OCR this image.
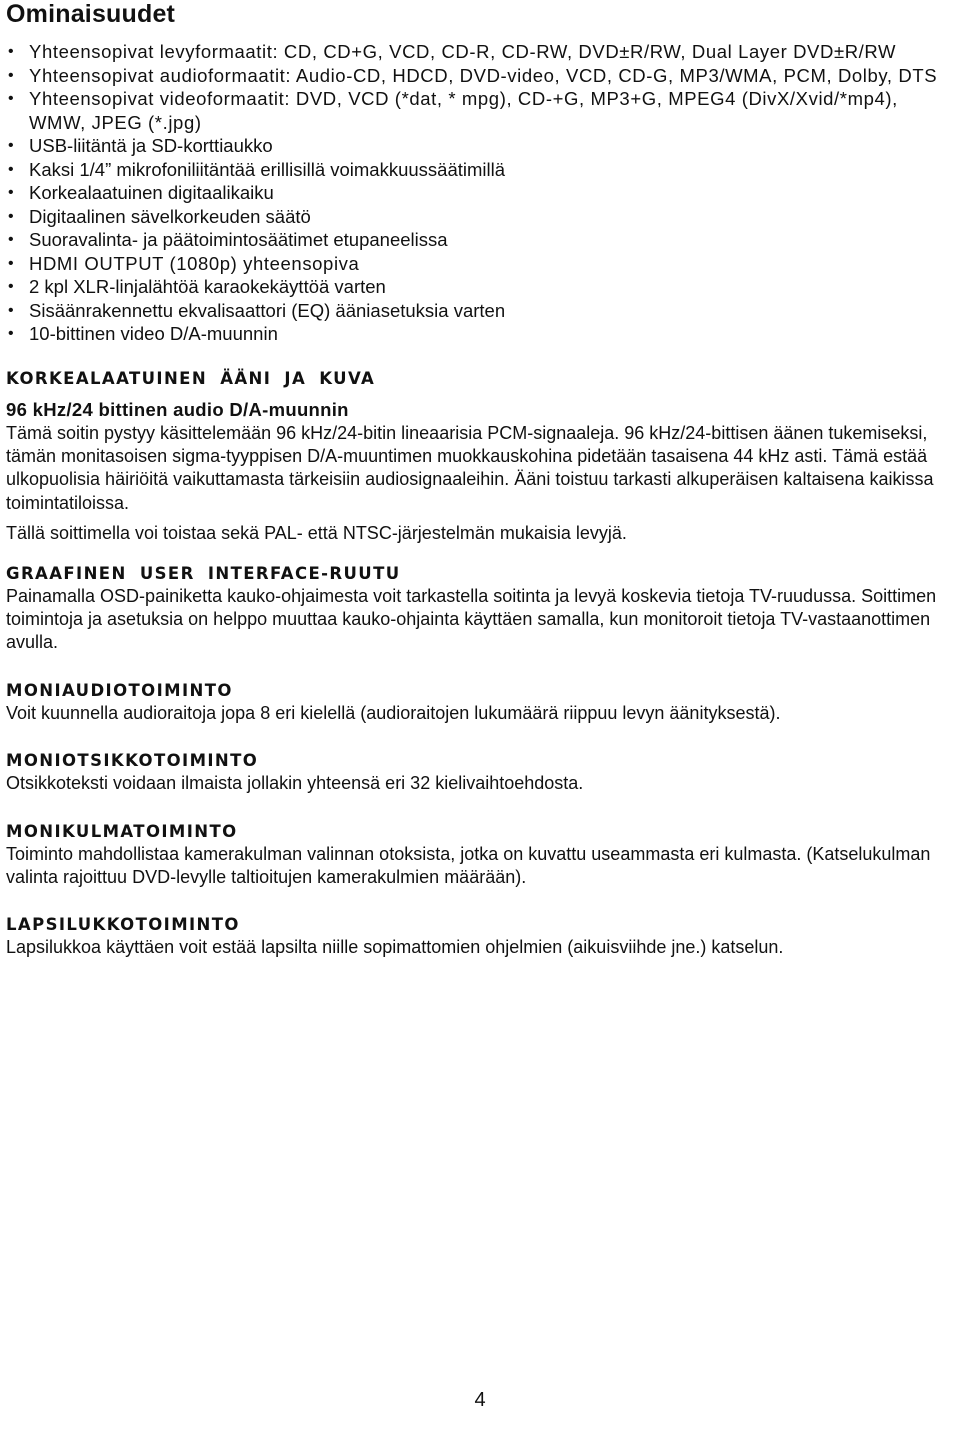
Ominaisuudet
• Yhteensopivat levyformaatit: CD, CD+G, VCD, CD-R, CD-RW, DVD±R/RW, Dual Layer DVD±R/RW
• Yhteensopivat audioformaatit: Audio-CD, HDCD, DVD-video, VCD, CD-G, MP3/WMA, PCM, Dolby, DTS
• Yhteensopivat videoformaatit: DVD, VCD (*dat, * mpg), CD-+G, MP3+G, MPEG4 (DivX/Xvid/*mp4), WMW, JPEG (*.jpg)
• USB-liitäntä ja SD-korttiaukko
• Kaksi 1/4” mikrofoniliitäntää erillisillä voimakkuussäätimillä
• Korkealaatuinen digitaalikaiku
• Digitaalinen sävelkorkeuden säätö
• Suoravalinta- ja päätoimintosäätimet etupaneelissa
• HDMI OUTPUT (1080p) yhteensopiva
• 2 kpl XLR-linjalähtöä karaokekäyttöä varten
• Sisäänrakennettu ekvalisaattori (EQ) ääniasetuksia varten
• 10-bittinen video D/A-muunnin
KORKEALAATUINEN ÄÄNI JA KUVA
96 kHz/24 bittinen audio D/A-muunnin

Tämä soitin pystyy käsittelemään 96 kHz/24-bitin lineaarisia PCM-signaaleja. 96 kHz/24-bittisen äänen tukemiseksi, tämän monitasoisen sigma-tyyppisen D/A-muuntimen muokkauskohina pidetään tasaisena 44 kHz asti. Tämä estää ulkopuolisia häiriöitä vaikuttamasta tärkeisiin audiosignaaleihin. Ääni toistuu tarkasti alkuperäisen kaltaisena kaikissa toimintatiloissa.

Tällä soittimella voi toistaa sekä PAL- että NTSC-järjestelmän mukaisia levyjä.

GRAAFINEN USER INTERFACE-RUUTU

Painamalla OSD-painiketta kauko-ohjaimesta voit tarkastella soitinta ja levyä koskevia tietoja TV-ruudussa. Soittimen toimintoja ja asetuksia on helppo muuttaa kauko-ohjainta käyttäen samalla, kun monitoroit tietoja TV-vastaanottimen avulla.

MONIAUDIOTOIMINTO

Voit kuunnella audioraitoja jopa 8 eri kielellä (audioraitojen lukumäärä riippuu levyn äänityksestä).

MONIOTSIKKOTOIMINTO

Otsikkoteksti voidaan ilmaista jollakin yhteensä eri 32 kielivaihtoehdosta.

MONIKULMATOIMINTO

Toiminto mahdollistaa kamerakulman valinnan otoksista, jotka on kuvattu useammasta eri kulmasta. (Katselukulman valinta rajoittuu DVD-levylle taltioitujen kamerakulmien määrään).

LAPSILUKKOTOIMINTO

Lapsilukkoa käyttäen voit estää lapsilta niille sopimattomien ohjelmien (aikuisviihde jne.) katselun.

4
